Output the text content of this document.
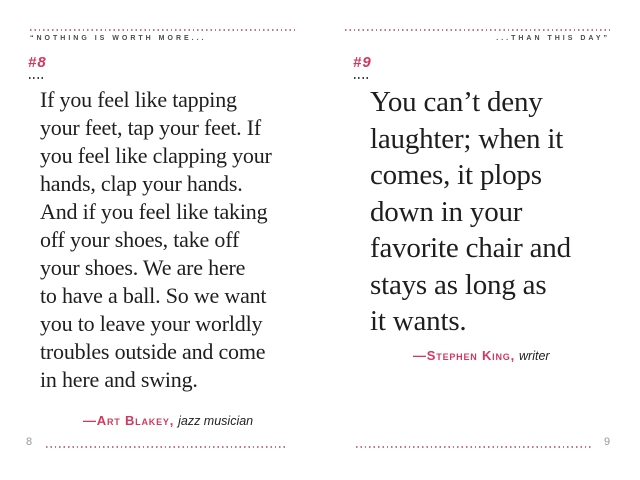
“NOTHING IS WORTH MORE...	...THAN THIS DAY”
#8
If you feel like tapping
your feet, tap your feet. If
you feel like clapping your
hands, clap your hands.
And if you feel like taking
off your shoes, take off
your shoes. We are here
to have a ball. So we want
you to leave your worldly
troubles outside and come
in here and swing.
—Art Blakey, jazz musician
8
#9
You can’t deny
laughter; when it
comes, it plops
down in your
favorite chair and
stays as long as
it wants.
—Stephen King, writer
9
